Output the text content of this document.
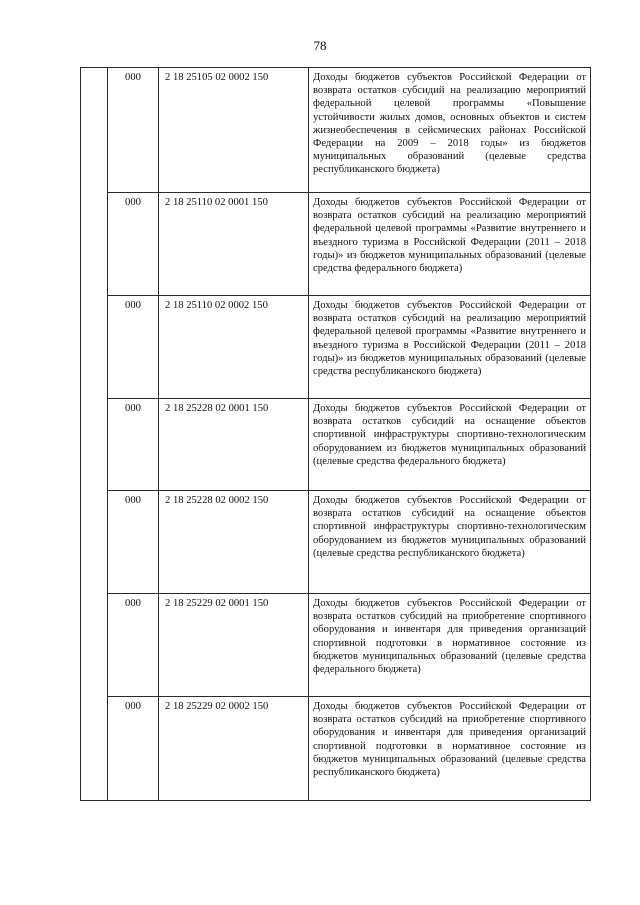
78
	000	2 18 25105 02 0002 150	Доходы бюджетов субъектов Российской Федерации от возврата остатков субсидий на реализацию мероприятий федеральной целевой программы «Повышение устойчивости жилых домов, основных объектов и систем жизнеобеспечения в сейсмических районах Российской Федерации на 2009 – 2018 годы» из бюджетов муниципальных образований (целевые средства республиканского бюджета)
	000	2 18 25110 02 0001 150	Доходы бюджетов субъектов Российской Федерации от возврата остатков субсидий на реализацию мероприятий федеральной целевой программы «Развитие внутреннего и въездного туризма в Российской Федерации (2011 – 2018 годы)» из бюджетов муниципальных образований (целевые средства федерального бюджета)
	000	2 18 25110 02 0002 150	Доходы бюджетов субъектов Российской Федерации от возврата остатков субсидий на реализацию мероприятий федеральной целевой программы «Развитие внутреннего и въездного туризма в Российской Федерации (2011 – 2018 годы)» из бюджетов муниципальных образований (целевые средства республиканского бюджета)
	000	2 18 25228 02 0001 150	Доходы бюджетов субъектов Российской Федерации от возврата остатков субсидий на оснащение объектов спортивной инфраструктуры спортивно-технологическим оборудованием из бюджетов муниципальных образований (целевые средства федерального бюджета)
	000	2 18 25228 02 0002 150	Доходы бюджетов субъектов Российской Федерации от возврата остатков субсидий на оснащение объектов спортивной инфраструктуры спортивно-технологическим оборудованием из бюджетов муниципальных образований (целевые средства республиканского бюджета)
	000	2 18 25229 02 0001 150	Доходы бюджетов субъектов Российской Федерации от возврата остатков субсидий на приобретение спортивного оборудования и инвентаря для приведения организаций спортивной подготовки в нормативное состояние из бюджетов муниципальных образований (целевые средства федерального бюджета)
	000	2 18 25229 02 0002 150	Доходы бюджетов субъектов Российской Федерации от возврата остатков субсидий на приобретение спортивного оборудования и инвентаря для приведения организаций спортивной подготовки в нормативное состояние из бюджетов муниципальных образований (целевые средства республиканского бюджета)
